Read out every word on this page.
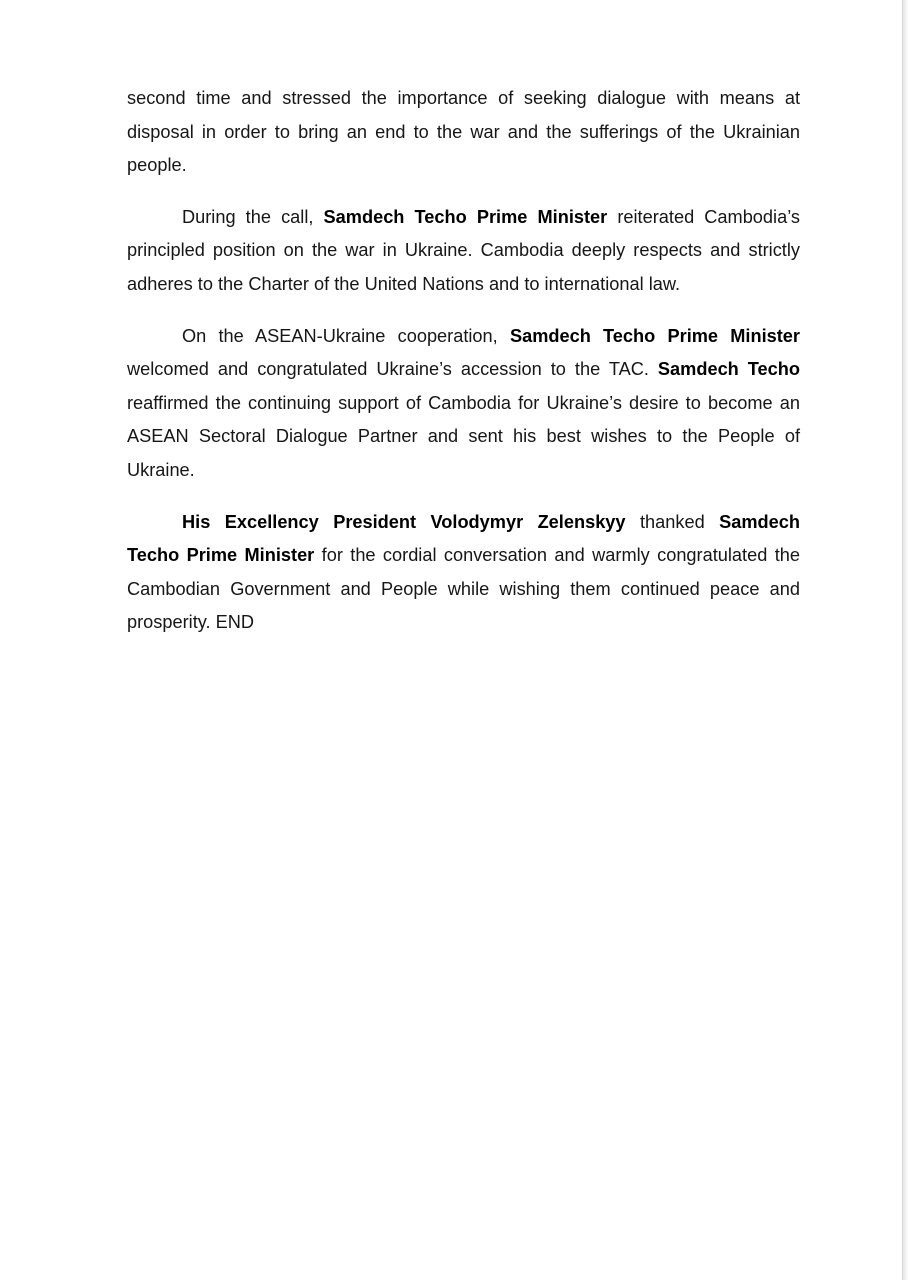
second time and stressed the importance of seeking dialogue with means at disposal in order to bring an end to the war and the sufferings of the Ukrainian people.

During the call, Samdech Techo Prime Minister reiterated Cambodia’s principled position on the war in Ukraine. Cambodia deeply respects and strictly adheres to the Charter of the United Nations and to international law.

On the ASEAN-Ukraine cooperation, Samdech Techo Prime Minister welcomed and congratulated Ukraine’s accession to the TAC. Samdech Techo reaffirmed the continuing support of Cambodia for Ukraine’s desire to become an ASEAN Sectoral Dialogue Partner and sent his best wishes to the People of Ukraine.

His Excellency President Volodymyr Zelenskyy thanked Samdech Techo Prime Minister for the cordial conversation and warmly congratulated the Cambodian Government and People while wishing them continued peace and prosperity. END
